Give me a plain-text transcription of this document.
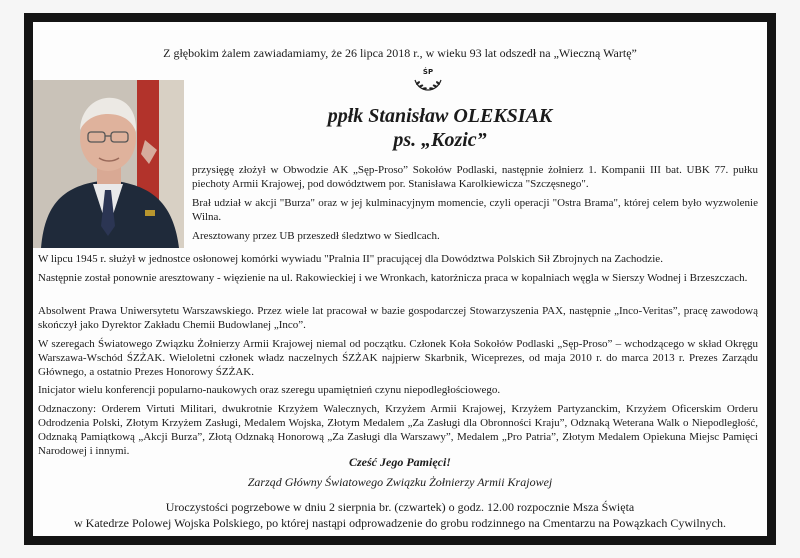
Z głębokim żalem zawiadamiamy, że 26 lipca 2018 r., w wieku 93 lat odszedł na „Wieczną Wartę”
ŚP
ppłk Stanisław OLEKSIAK
ps. „Kozic”
przysięgę złożył w Obwodzie AK „Sęp-Proso” Sokołów Podlaski, następnie żołnierz 1. Kompanii III bat. UBK 77. pułku piechoty Armii Krajowej, pod dowództwem por. Stanisława Karolkiewicza "Szczęsnego".
Brał udział w akcji "Burza" oraz w jej kulminacyjnym momencie, czyli operacji "Ostra Brama", której celem było wyzwolenie Wilna.
Aresztowany przez UB przeszedł śledztwo w Siedlcach.
W lipcu 1945 r. służył w jednostce osłonowej komórki wywiadu "Pralnia II" pracującej dla Dowództwa Polskich Sił Zbrojnych na Zachodzie.
Następnie został ponownie aresztowany - więzienie na ul. Rakowieckiej i we Wronkach, katorżnicza praca w kopalniach węgla w Sierszy Wodnej i Brzeszczach.
Absolwent Prawa Uniwersytetu Warszawskiego. Przez wiele lat pracował w bazie gospodarczej Stowarzyszenia PAX, następnie „Inco-Veritas”, pracę zawodową skończył jako Dyrektor Zakładu Chemii Budowlanej „Inco”.
W szeregach Światowego Związku Żołnierzy Armii Krajowej niemal od początku. Członek Koła Sokołów Podlaski „Sęp-Proso” – wchodzącego w skład Okręgu Warszawa-Wschód ŚZŻAK. Wieloletni członek władz naczelnych ŚZŻAK najpierw Skarbnik, Wiceprezes, od maja 2010 r. do marca 2013 r. Prezes Zarządu Głównego, a ostatnio Prezes Honorowy ŚZŻAK.
Inicjator wielu konferencji popularno-naukowych oraz szeregu upamiętnień czynu niepodległościowego.
Odznaczony: Orderem Virtuti Militari, dwukrotnie Krzyżem Walecznych, Krzyżem Armii Krajowej, Krzyżem Partyzanckim, Krzyżem Oficerskim Orderu Odrodzenia Polski, Złotym Krzyżem Zasługi, Medalem Wojska, Złotym Medalem „Za Zasługi dla Obronności Kraju”, Odznaką Weterana Walk o Niepodległość, Odznaką Pamiątkową „Akcji Burza”, Złotą Odznaką Honorową „Za Zasługi dla Warszawy”, Medalem „Pro Patria”, Złotym Medalem Opiekuna Miejsc Pamięci Narodowej i innymi.
Cześć Jego Pamięci!
Zarząd Główny Światowego Związku Żołnierzy Armii Krajowej
Uroczystości pogrzebowe w dniu 2 sierpnia br. (czwartek) o godz. 12.00 rozpocznie Msza Święta
w Katedrze Polowej Wojska Polskiego, po której nastąpi odprowadzenie do grobu rodzinnego na Cmentarzu na Powązkach Cywilnych.
